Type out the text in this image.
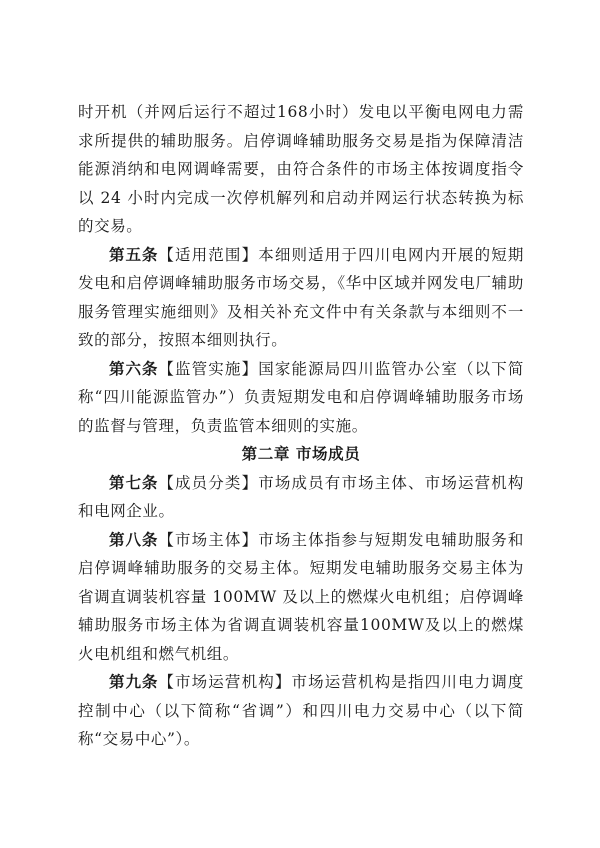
时开机（并网后运行不超过168小时）发电以平衡电网电力需求所提供的辅助服务。启停调峰辅助服务交易是指为保障清洁能源消纳和电网调峰需要，由符合条件的市场主体按调度指令以 24 小时内完成一次停机解列和启动并网运行状态转换为标的交易。

第五条【适用范围】本细则适用于四川电网内开展的短期发电和启停调峰辅助服务市场交易，《华中区域并网发电厂辅助服务管理实施细则》及相关补充文件中有关条款与本细则不一致的部分，按照本细则执行。

第六条【监管实施】国家能源局四川监管办公室（以下简称“四川能源监管办”）负责短期发电和启停调峰辅助服务市场的监督与管理，负责监管本细则的实施。

第二章 市场成员

第七条【成员分类】市场成员有市场主体、市场运营机构和电网企业。

第八条【市场主体】市场主体指参与短期发电辅助服务和启停调峰辅助服务的交易主体。短期发电辅助服务交易主体为省调直调装机容量 100MW 及以上的燃煤火电机组；启停调峰辅助服务市场主体为省调直调装机容量100MW及以上的燃煤火电机组和燃气机组。

第九条【市场运营机构】市场运营机构是指四川电力调度控制中心（以下简称“省调”）和四川电力交易中心（以下简称“交易中心”）。
